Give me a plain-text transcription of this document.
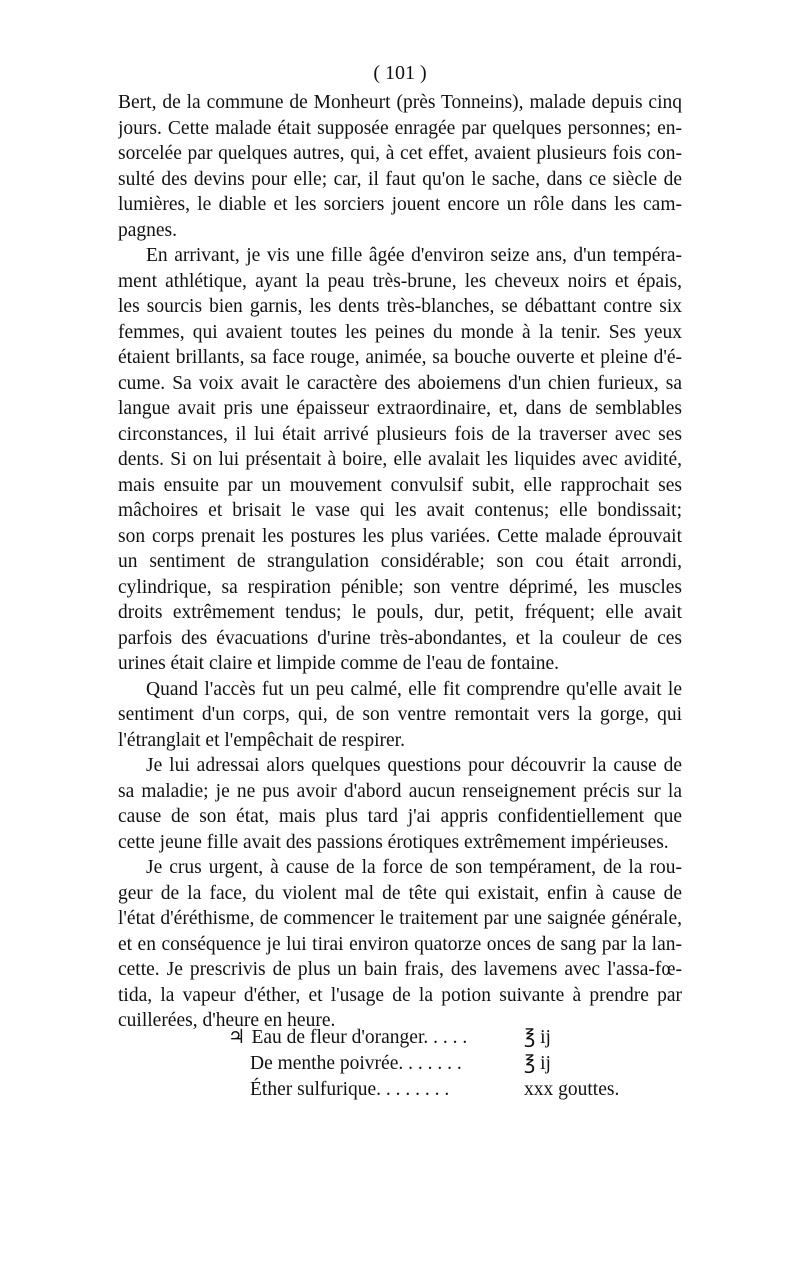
( 101 )
Bert, de la commune de Monheurt (près Tonneins), malade depuis cinq
jours. Cette malade était supposée enragée par quelques personnes; en-
sorcelée par quelques autres, qui, à cet effet, avaient plusieurs fois con-
sulté des devins pour elle; car, il faut qu'on le sache, dans ce siècle de
lumières, le diable et les sorciers jouent encore un rôle dans les cam-
pagnes.
En arrivant, je vis une fille âgée d'environ seize ans, d'un tempéra-
ment athlétique, ayant la peau très-brune, les cheveux noirs et épais,
les sourcis bien garnis, les dents très-blanches, se débattant contre six
femmes, qui avaient toutes les peines du monde à la tenir. Ses yeux
étaient brillants, sa face rouge, animée, sa bouche ouverte et pleine d'é-
cume. Sa voix avait le caractère des aboiemens d'un chien furieux, sa
langue avait pris une épaisseur extraordinaire, et, dans de semblables
circonstances, il lui était arrivé plusieurs fois de la traverser avec ses
dents. Si on lui présentait à boire, elle avalait les liquides avec avidité,
mais ensuite par un mouvement convulsif subit, elle rapprochait ses
mâchoires et brisait le vase qui les avait contenus; elle bondissait;
son corps prenait les postures les plus variées. Cette malade éprouvait
un sentiment de strangulation considérable; son cou était arrondi,
cylindrique, sa respiration pénible; son ventre déprimé, les muscles
droits extrêmement tendus; le pouls, dur, petit, fréquent; elle avait
parfois des évacuations d'urine très-abondantes, et la couleur de ces
urines était claire et limpide comme de l'eau de fontaine.
Quand l'accès fut un peu calmé, elle fit comprendre qu'elle avait le
sentiment d'un corps, qui, de son ventre remontait vers la gorge, qui
l'étranglait et l'empêchait de respirer.
Je lui adressai alors quelques questions pour découvrir la cause de
sa maladie; je ne pus avoir d'abord aucun renseignement précis sur la
cause de son état, mais plus tard j'ai appris confidentiellement que
cette jeune fille avait des passions érotiques extrêmement impérieuses.
Je crus urgent, à cause de la force de son tempérament, de la rou-
geur de la face, du violent mal de tête qui existait, enfin à cause de
l'état d'éréthisme, de commencer le traitement par une saignée générale,
et en conséquence je lui tirai environ quatorze onces de sang par la lan-
cette. Je prescrivis de plus un bain frais, des lavemens avec l'assa-fœ-
tida, la vapeur d'éther, et l'usage de la potion suivante à prendre par
cuillerées, d'heure en heure.
♃ Eau de fleur d'oranger. . . . .	℥ ij
De menthe poivrée. . . . . . .	℥ ij
Éther sulfurique. . . . . . . .	xxx gouttes.
